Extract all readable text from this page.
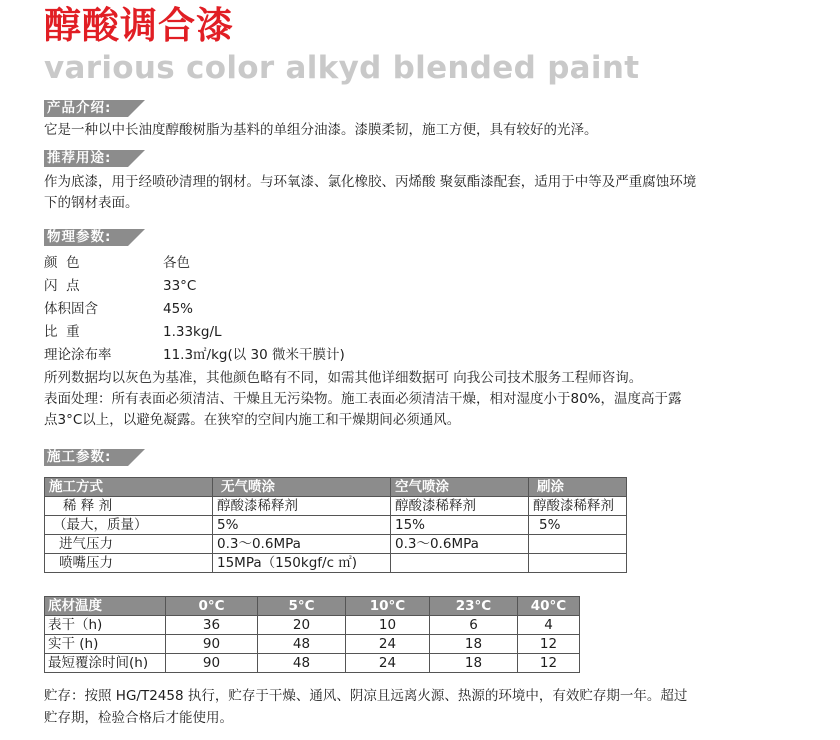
醇酸调合漆
various color alkyd blended paint
产品介绍:
它是一种以中长油度醇酸树脂为基料的单组分油漆。漆膜柔韧，施工方便，具有较好的光泽。
推荐用途:
作为底漆，用于经喷砂清理的钢材。与环氧漆、氯化橡胶、丙烯酸 聚氨酯漆配套，适用于中等及严重腐蚀环境
下的钢材表面。
物理参数:
颜  色	各色
闪  点	33°C
体积固含	45%
比  重	1.33kg/L
理论涂布率	11.3㎡/kg(以 30 微米干膜计)
所列数据均以灰色为基准，其他颜色略有不同，如需其他详细数据可 向我公司技术服务工程师咨询。
表面处理：所有表面必须清洁、干燥且无污染物。施工表面必须清洁干燥，相对湿度小于80%，温度高于露
点3°C以上，以避免凝露。在狭窄的空间内施工和干燥期间必须通风。
施工参数:
施工方式	无气喷涂	空气喷涂	刷涂
稀 释 剂	醇酸漆稀释剂	醇酸漆稀释剂	醇酸漆稀释剂
（最大，质量）	5%	15%	5%
进气压力	0.3～0.6MPa	0.3～0.6MPa	
喷嘴压力	15MPa（150kgf/c ㎡)		
底材温度	0°C	5°C	10°C	23°C	40°C
表干（h)	36	20	10	6	4
实干 (h)	90	48	24	18	12
最短覆涂时间(h)	90	48	24	18	12
贮存：按照 HG/T2458 执行，贮存于干燥、通风、阴凉且远离火源、热源的环境中，有效贮存期一年。超过
贮存期，检验合格后才能使用。
